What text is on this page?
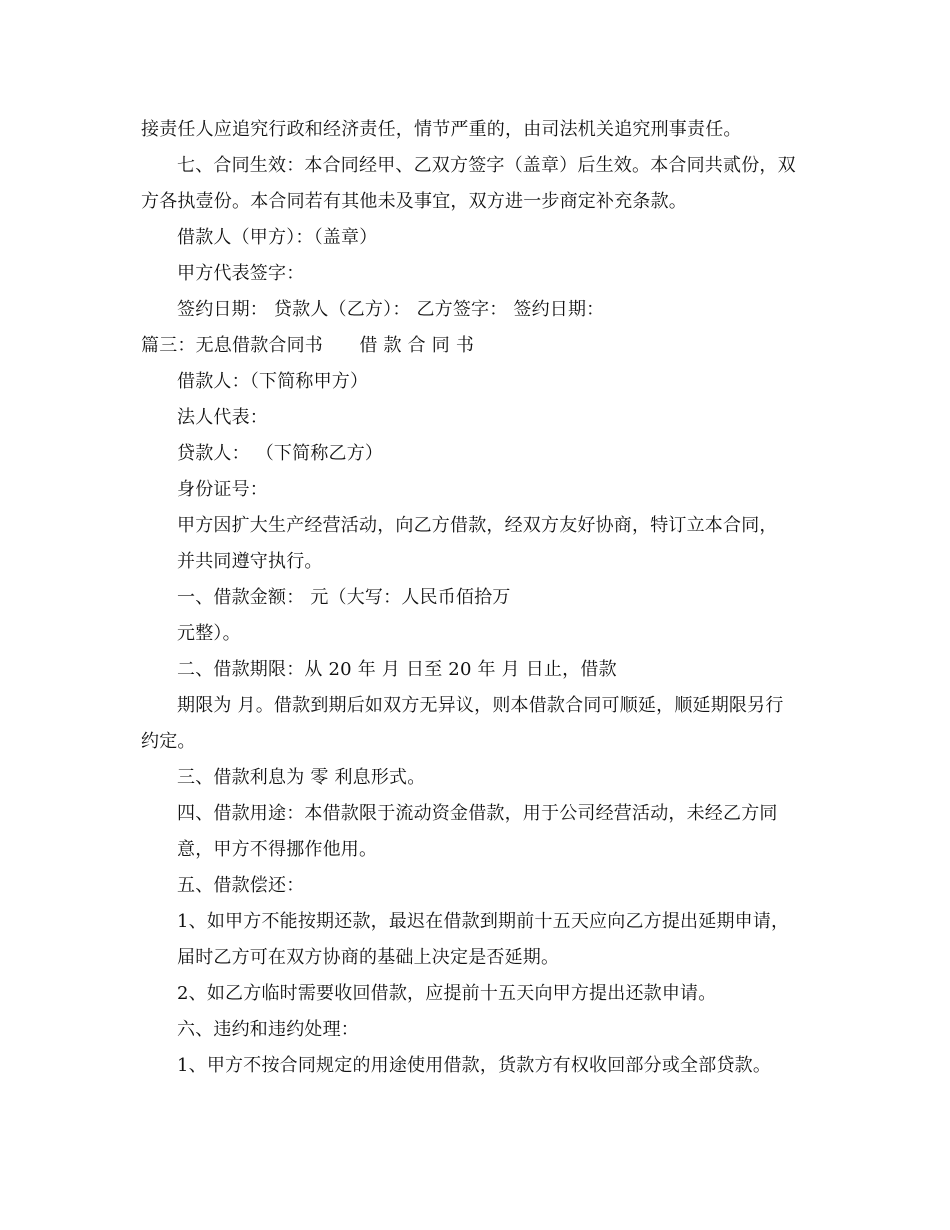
接责任人应追究行政和经济责任，情节严重的，由司法机关追究刑事责任。
七、合同生效：本合同经甲、乙双方签字（盖章）后生效。本合同共贰份，双
方各执壹份。本合同若有其他未及事宜，双方进一步商定补充条款。
借款人（甲方）：（盖章）
甲方代表签字：
签约日期： 贷款人（乙方）： 乙方签字： 签约日期：
篇三：无息借款合同书　　借 款 合 同 书
借款人：（下简称甲方）
法人代表：
贷款人： （下简称乙方）
身份证号：
甲方因扩大生产经营活动，向乙方借款，经双方友好协商，特订立本合同，
并共同遵守执行。
一、借款金额： 元（大写：人民币佰拾万
元整）。
二、借款期限：从 20 年 月 日至 20 年 月 日止，借款
期限为 月。借款到期后如双方无异议，则本借款合同可顺延，顺延期限另行
约定。
三、借款利息为 零 利息形式。
四、借款用途：本借款限于流动资金借款，用于公司经营活动，未经乙方同
意，甲方不得挪作他用。
五、借款偿还：
1、如甲方不能按期还款，最迟在借款到期前十五天应向乙方提出延期申请，
届时乙方可在双方协商的基础上决定是否延期。
2、如乙方临时需要收回借款，应提前十五天向甲方提出还款申请。
六、违约和违约处理：
1、甲方不按合同规定的用途使用借款，货款方有权收回部分或全部贷款。
